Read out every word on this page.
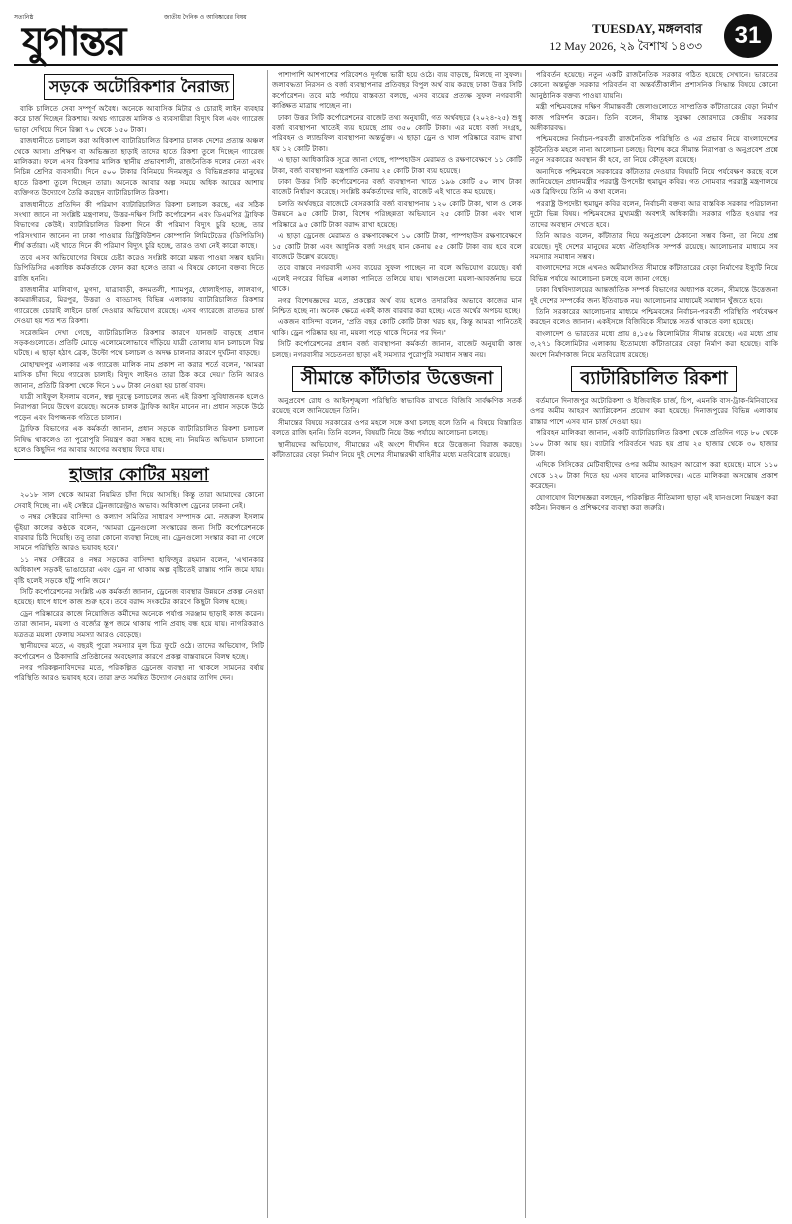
সত্যনিষ্ঠ	জাতীয় দৈনিক ও আবিষ্কারের বিষয়
যুগান্তর	TUESDAY, মঙ্গলবার
12 May 2026, ২৯ বৈশাখ ১৪৩৩	31
সড়কে অটোরিকশার নৈরাজ্য

বাকি চালিতে সেবা সম্পূর্ণ অবৈধ। অনেকে আবাসিক মিটার ও চোরাই লাইন ব্যবহার করে চার্জ দিচ্ছেন রিকশায়। অথচ গ্যারেজ মালিক ও ব্যবসায়ীরা বিদ্যুৎ বিল এবং গ্যারেজ ভাড়া দেখিয়ে দিনে রিক্সা ৭০ থেকে ১৫০ টাকা।

রাজধানীতে চলাচল করা অধিকাংশ ব্যাটারিচালিত রিকশার চালক দেশের প্রত্যন্ত অঞ্চল থেকে আসা। প্রশিক্ষণ বা অভিজ্ঞতা ছাড়াই তাদের হাতে রিকশা তুলে দিচ্ছেন গ্যারেজ মালিকরা। ফলে এসব রিকশার মালিক স্থানীয় প্রভাবশালী, রাজনৈতিক দলের নেতা এবং নিচিন্ন শ্রেণির ব্যবসায়ী। দিনে ৫০০ টাকার বিনিময়ে দিনমজুর ও বিভিন্নপ্রকার মানুষের হাতে রিকশা তুলে দিচ্ছেন তারা। অনেকে আবার অল্প সময়ে অধিক আয়ের আশায় ব্যক্তিগত উদ্যোগে তৈরি করছেন ব্যাটারিচালিত রিকশা।

রাজধানীতে প্রতিদিন কী পরিমাণ ব্যাটারিচালিত রিকশা চলাচল করছে, এর সঠিক সংখ্যা জানে না সংশ্লিষ্ট মন্ত্রণালয়, উত্তর-দক্ষিণ সিটি কর্পোরেশন এবং ডিএমপির ট্রাফিক বিভাগের কেউই। ব্যাটারিচালিত রিকশা দিনে কী পরিমাণ বিদ্যুৎ চুরি হচ্ছে, তার পরিসংখ্যান জানেন না ঢাকা পাওয়ার ডিস্ট্রিবিউশন কোম্পানি লিমিটেডের (ডিপিডিসি) শীর্ষ কর্তারা। এই খাতে দিনে কী পরিমাণ বিদ্যুৎ চুরি হচ্ছে, তারও তথ্য নেই কারো কাছে।

তবে এসব অভিযোগের বিষয়ে চেষ্টা করেও সংশ্লিষ্ট কারো মন্তব্য পাওয়া সম্ভব হয়নি। ডিপিডিসির একাধিক কর্মকর্তাকে ফোন করা হলেও তারা এ বিষয়ে কোনো বক্তব্য দিতে রাজি হননি।

রাজধানীর মালিবাগ, মুগদা, যাত্রাবাড়ী, কদমতলী, শ্যামপুর, ধোলাইপাড়, লালবাগ, কামরাঙ্গীরচর, মিরপুর, উত্তরা ও বাড্ডাসহ বিভিন্ন এলাকায় ব্যাটারিচালিত রিকশার গ্যারেজে চোরাই লাইনে চার্জ দেওয়ার অভিযোগ রয়েছে। এসব গ্যারেজে রাতভর চার্জ দেওয়া হয় শত শত রিকশা।

সরেজমিন দেখা গেছে, ব্যাটারিচালিত রিকশার কারণে যানজট বাড়ছে প্রধান সড়কগুলোতে। প্রতিটি মোড়ে এলোমেলোভাবে দাঁড়িয়ে যাত্রী তোলায় যান চলাচলে বিঘ্ন ঘটছে। এ ছাড়া হঠাৎ ব্রেক, উল্টো পথে চলাচল ও অদক্ষ চালনার কারণে দুর্ঘটনা বাড়ছে।

মোহাম্মদপুর এলাকার এক গ্যারেজ মালিক নাম প্রকাশ না করার শর্তে বলেন, 'আমরা মাসিক চাঁদা দিয়ে গ্যারেজ চালাই। বিদ্যুৎ লাইনও তারা ঠিক করে দেয়।' তিনি আরও জানান, প্রতিটি রিকশা থেকে দিনে ১০০ টাকা নেওয়া হয় চার্জ বাবদ।

যাত্রী সাইফুল ইসলাম বলেন, স্বল্প দূরত্বে চলাচলের জন্য এই রিকশা সুবিধাজনক হলেও নিরাপত্তা নিয়ে উদ্বেগ রয়েছে। অনেক চালক ট্রাফিক আইন মানেন না। প্রধান সড়কে উঠে পড়েন এবং বিপজ্জনক গতিতে চালান।

ট্রাফিক বিভাগের এক কর্মকর্তা জানান, প্রধান সড়কে ব্যাটারিচালিত রিকশা চলাচল নিষিদ্ধ থাকলেও তা পুরোপুরি নিয়ন্ত্রণ করা সম্ভব হচ্ছে না। নিয়মিত অভিযান চালানো হলেও কিছুদিন পর আবার আগের অবস্থায় ফিরে যায়।

হাজার কোটির ময়লা

২০১৮ সাল থেকে আমরা নিয়মিত চাঁদা দিয়ে আসছি। কিন্তু তারা আমাদের কোনো সেবাই দিচ্ছে না। এই সেক্টরে ট্রেনজারেন্ট্রাও অভাব। অধিকাংশ ড্রেনের ঢাকনা নেই।

৩ নম্বর সেক্টরের বাসিন্দা ও কল্যাণ সমিতির সাধারণ সম্পাদক মো. নজরুল ইসলাম ভূঁইয়া কালের কণ্ঠকে বলেন, 'আমরা ড্রেনগুলো সংস্কারের জন্য সিটি কর্পোরেশনকে বারবার চিঠি দিয়েছি। তবু তারা কোনো ব্যবস্থা নিচ্ছে না। ড্রেনগুলো সংস্কার করা না গেলে সামনে পরিস্থিতি আরও ভয়াবহ হবে।'

১১ নম্বর সেক্টরের ৪ নম্বর সড়কের বাসিন্দা হাফিজুর রহমান বলেন, 'এখানকার অধিকাংশ সড়কই ভাঙাচোরা এবং ড্রেন না থাকায় অল্প বৃষ্টিতেই রাস্তায় পানি জমে যায়। বৃষ্টি হলেই সড়কে হাঁটু পানি জমে।'

সিটি কর্পোরেশনের সংশ্লিষ্ট এক কর্মকর্তা জানান, ড্রেনেজ ব্যবস্থার উন্নয়নে প্রকল্প নেওয়া হয়েছে। ধাপে ধাপে কাজ শুরু হবে। তবে বরাদ্দ সংকটের কারণে কিছুটা বিলম্ব হচ্ছে।

ড্রেন পরিষ্কারের কাজে নিয়োজিত কর্মীদের অনেকে পর্যাপ্ত সরঞ্জাম ছাড়াই কাজ করেন। তারা জানান, ময়লা ও বর্জ্যের স্তূপ জমে থাকায় পানি প্রবাহ বন্ধ হয়ে যায়। নাগরিকরাও যত্রতত্র ময়লা ফেলায় সমস্যা আরও বেড়েছে।

স্থানীয়দের মতে, এ বছরই পুরো সমস্যার মূল চিত্র ফুটে ওঠে। তাদের অভিযোগ, সিটি কর্পোরেশন ও ঠিকাদারি প্রতিষ্ঠানের অবহেলার কারণে প্রকল্প বাস্তবায়নে বিলম্ব হচ্ছে।

নগর পরিকল্পনাবিদদের মতে, পরিকল্পিত ড্রেনেজ ব্যবস্থা না থাকলে সামনের বর্ষায় পরিস্থিতি আরও ভয়াবহ হবে। তারা দ্রুত সমন্বিত উদ্যোগ নেওয়ার তাগিদ দেন।

পাশাপাশি আশপাশের পরিবেশও দূর্গন্ধে ভারী হয়ে ওঠে। ব্যয় বাড়ছে, মিলছে না সুফল। জলাবদ্ধতা নিরসন ও বর্জ্য ব্যবস্থাপনার প্রতিবছর বিপুল অর্থ ব্যয় করছে ঢাকা উত্তর সিটি কর্পোরেশন। তবে মাঠ পর্যায়ে বাস্তবতা বলছে, এসব ব্যয়ের প্রত্যক্ষ সুফল নগরবাসী কাঙ্ক্ষিত মাত্রায় পাচ্ছেন না।

ঢাকা উত্তর সিটি কর্পোরেশনের বাজেট তথ্য অনুযায়ী, গত অর্থবছরে (২০২৪-২৫) শুধু বর্জ্য ব্যবস্থাপনা খাতেই ব্যয় হয়েছে প্রায় ৩৫০ কোটি টাকা। এর মধ্যে বর্জ্য সংগ্রহ, পরিবহন ও ল্যান্ডফিল ব্যবস্থাপনা অন্তর্ভুক্ত। এ ছাড়া ড্রেন ও খাল পরিষ্কারে বরাদ্দ রাখা হয় ১২ কোটি টাকা।

এ ছাড়া আধিকারিক সূত্রে জানা গেছে, পাম্পহাউস মেরামত ও রক্ষণাবেক্ষণে ১১ কোটি টাকা, বর্জ্য ব্যবস্থাপনা যন্ত্রপাতি কেনায় ২৫ কোটি টাকা ব্যয় হয়েছে।

ঢাকা উত্তর সিটি কর্পোরেশনের বর্জ্য ব্যবস্থাপনা খাতে ১৯৬ কোটি ৫০ লাখ টাকা বাজেট নির্ধারণ করেছে। সংশ্লিষ্ট কর্মকর্তাদের দাবি, বাজেট এই খাতে কম হয়েছে।

চলতি অর্থবছরে বাজেটে বেসরকারি বর্জ্য ব্যবস্থাপনায় ১২০ কোটি টাকা, খাল ও লেক উন্নয়নে ৯৫ কোটি টাকা, বিশেষ পরিচ্ছন্নতা অভিযানে ২৫ কোটি টাকা এবং খাল পরিষ্কারে ৯৫ কোটি টাকা বরাদ্দ রাখা হয়েছে।

এ ছাড়া ড্রেনেজ মেরামত ও রক্ষণাবেক্ষণে ১০ কোটি টাকা, পাম্পহাউস রক্ষণাবেক্ষণে ১৫ কোটি টাকা এবং আধুনিক বর্জ্য সংগ্রহ যান কেনায় ৫৫ কোটি টাকা ব্যয় হবে বলে বাজেটে উল্লেখ রয়েছে।

তবে বাস্তবে নগরবাসী এসব ব্যয়ের সুফল পাচ্ছেন না বলে অভিযোগ রয়েছে। বর্ষা এলেই নগরের বিভিন্ন এলাকা পানিতে তলিয়ে যায়। খালগুলো ময়লা-আবর্জনায় ভরে থাকে।

নগর বিশেষজ্ঞদের মতে, প্রকল্পের অর্থ ব্যয় হলেও তদারকির অভাবে কাজের মান নিশ্চিত হচ্ছে না। অনেক ক্ষেত্রে একই কাজ বারবার করা হচ্ছে। এতে অর্থের অপচয় হচ্ছে।

একজন বাসিন্দা বলেন, 'প্রতি বছর কোটি কোটি টাকা খরচ হয়, কিন্তু আমরা পানিতেই থাকি। ড্রেন পরিষ্কার হয় না, ময়লা পড়ে থাকে দিনের পর দিন।'

সিটি কর্পোরেশনের প্রধান বর্জ্য ব্যবস্থাপনা কর্মকর্তা জানান, বাজেট অনুযায়ী কাজ চলছে। নগরবাসীর সচেতনতা ছাড়া এই সমস্যার পুরোপুরি সমাধান সম্ভব নয়।

সীমান্তে কাঁটাতার উত্তেজনা

অনুপ্রবেশ রোধ ও আইনশৃঙ্খলা পরিস্থিতি স্বাভাবিক রাখতে বিজিবি সার্বক্ষণিক সতর্ক রয়েছে বলে জানিয়েছেন তিনি।

সীমান্তের বিষয়ে সরকারের ওপর মহলে সঙ্গে কথা চলছে বলে তিনি এ বিষয়ে বিস্তারিত বলতে রাজি হননি। তিনি বলেন, বিষয়টি নিয়ে উচ্চ পর্যায়ে আলোচনা চলছে।

স্থানীয়দের অভিযোগ, সীমান্তের এই অংশে দীর্ঘদিন ধরে উত্তেজনা বিরাজ করছে। কাঁটাতারের বেড়া নির্মাণ নিয়ে দুই দেশের সীমান্তরক্ষী বাহিনীর মধ্যে মতবিরোধ রয়েছে।

পরিবর্তন হয়েছে। নতুন একটি রাজনৈতিক সরকার গঠিত হয়েছে সেখানে। ভারতের কোনো অন্তর্ভুক্ত সরকার পরিবর্তন বা অন্তর্বর্তীকালীন প্রশাসনিক সিদ্ধান্ত বিষয়ে কোনো আনুষ্ঠানিক বক্তব্য পাওয়া যায়নি।

মন্ত্রী পশ্চিমবঙ্গের দক্ষিণ সীমান্তবর্তী জেলাগুলোতে সাম্প্রতিক কাঁটাতারের বেড়া নির্মাণ কাজ পরিদর্শন করেন। তিনি বলেন, সীমান্ত সুরক্ষা জোরদারে কেন্দ্রীয় সরকার অঙ্গীকারবদ্ধ।

পশ্চিমবঙ্গের নির্বাচন-পরবর্তী রাজনৈতিক পরিস্থিতি ও এর প্রভাব নিয়ে বাংলাদেশের কূটনৈতিক মহলে নানা আলোচনা চলছে। বিশেষ করে সীমান্ত নিরাপত্তা ও অনুপ্রবেশ প্রশ্নে নতুন সরকারের অবস্থান কী হবে, তা নিয়ে কৌতূহল রয়েছে।

অন্যদিকে পশ্চিমবঙ্গে সরকারের কাঁটাতার দেওয়ার বিষয়টি নিয়ে পর্যবেক্ষণ করছে বলে জানিয়েছেন প্রধানমন্ত্রীর পররাষ্ট্র উপদেষ্টা হুমায়ুন কবির। গত সোমবার পররাষ্ট্র মন্ত্রণালয়ে এক ব্রিফিংয়ে তিনি এ কথা বলেন।

পররাষ্ট্র উপদেষ্টা হুমায়ুন কবির বলেন, নির্বাচনী বক্তব্য আর বাস্তবিক সরকার পরিচালনা দুটো ভিন্ন বিষয়। পশ্চিমবঙ্গের মুখ্যমন্ত্রী অবশ্যই অধিকারী। সরকার গঠিত হওয়ার পর তাদের অবস্থান দেখতে হবে।

তিনি আরও বলেন, কাঁটাতার দিয়ে অনুপ্রবেশ ঠেকানো সম্ভব কিনা, তা নিয়ে প্রশ্ন রয়েছে। দুই দেশের মানুষের মধ্যে ঐতিহাসিক সম্পর্ক রয়েছে। আলোচনার মাধ্যমে সব সমস্যার সমাধান সম্ভব।

বাংলাদেশের সঙ্গে এখনও অমীমাংসিত সীমান্তে কাঁটাতারের বেড়া নির্মাণের ইস্যুটি নিয়ে বিভিন্ন পর্যায়ে আলোচনা চলছে বলে জানা গেছে।

ঢাকা বিশ্ববিদ্যালয়ের আন্তর্জাতিক সম্পর্ক বিভাগের অধ্যাপক বলেন, সীমান্তে উত্তেজনা দুই দেশের সম্পর্কের জন্য ইতিবাচক নয়। আলোচনার মাধ্যমেই সমাধান খুঁজতে হবে।

তিনি সরকারের আলোচনার মাধ্যমে পশ্চিমবঙ্গের নির্বাচন-পরবর্তী পরিস্থিতি পর্যবেক্ষণ করছেন বলেও জানান। একইসঙ্গে বিজিবিকে সীমান্তে সতর্ক থাকতে বলা হয়েছে।

বাংলাদেশ ও ভারতের মধ্যে প্রায় ৪,১৫৬ কিলোমিটার সীমান্ত রয়েছে। এর মধ্যে প্রায় ৩,২৭১ কিলোমিটার এলাকায় ইতোমধ্যে কাঁটাতারের বেড়া নির্মাণ করা হয়েছে। বাকি অংশে নির্মাণকাজ নিয়ে মতবিরোধ রয়েছে।

ব্যাটারিচালিত রিকশা

বর্তমানে দিনাজপুর অটোরিকশা ও ইজিবাইক চার্জ, চিপ, এমনকি বাস-ট্রাক-মিনিবাসের ওপর অমীম আহরণ অ্যাপ্লিকেশন প্রয়োগ করা হয়েছে। দিনাজপুরের বিভিন্ন এলাকায় রাস্তার পাশে এসব যান চার্জ দেওয়া হয়।

পরিবহন মালিকরা জানান, একটি ব্যাটারিচালিত রিকশা থেকে প্রতিদিন গড়ে ৮০ থেকে ১০০ টাকা আয় হয়। ব্যাটারি পরিবর্তনে খরচ হয় প্রায় ২৫ হাজার থেকে ৩০ হাজার টাকা।

এদিকে সিসিকের মেটিবাহীদের ওপর অমীম আহরণ আরোপ করা হয়েছে। মাসে ১১০ থেকে ১২০ টাকা দিতে হয় এসব যানের মালিকদের। এতে মালিকরা অসন্তোষ প্রকাশ করেছেন।

যোগাযোগ বিশেষজ্ঞরা বলছেন, পরিকল্পিত নীতিমালা ছাড়া এই যানগুলো নিয়ন্ত্রণ করা কঠিন। নিবন্ধন ও প্রশিক্ষণের ব্যবস্থা করা জরুরি।
